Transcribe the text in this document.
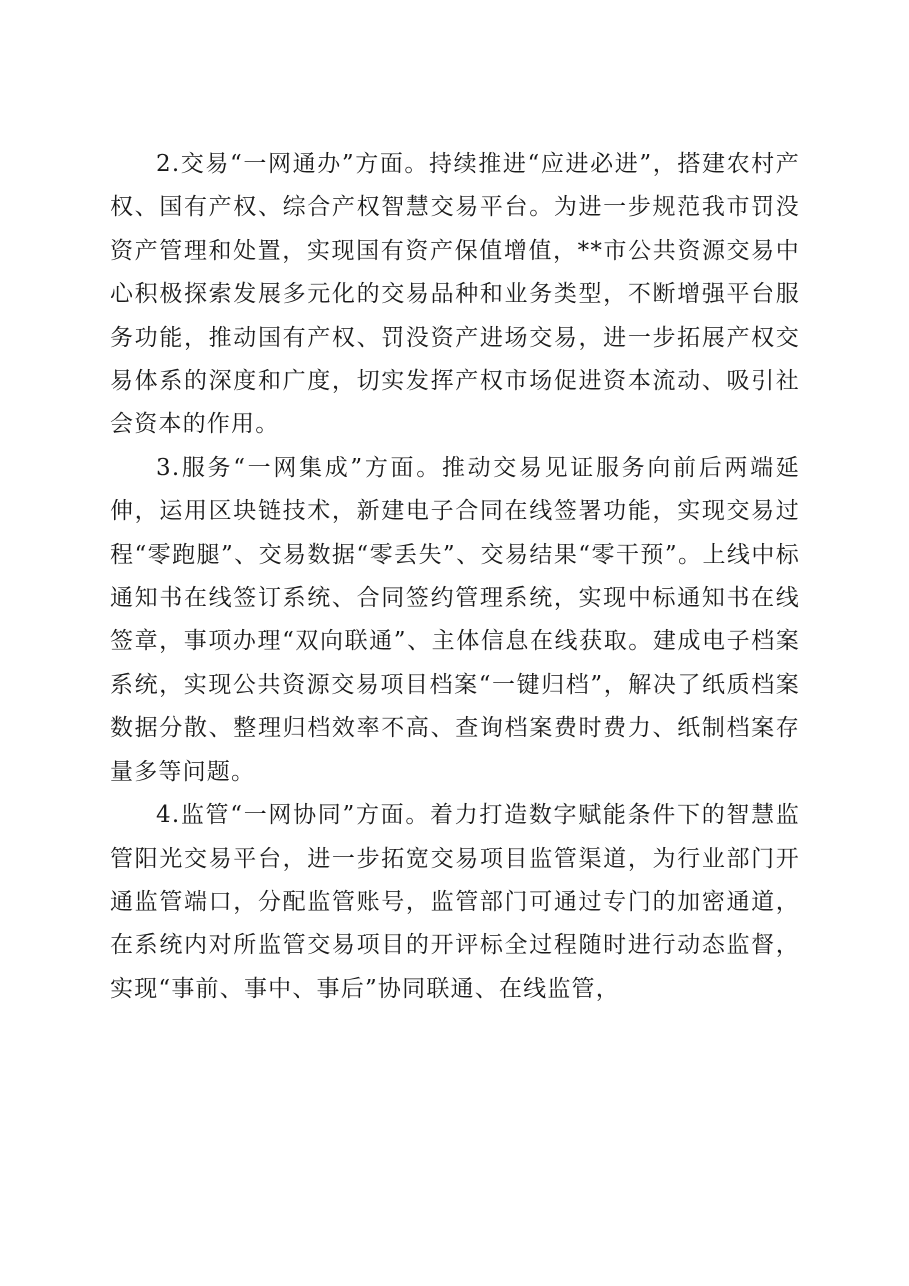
2.交易“一网通办”方面。持续推进“应进必进”，搭建农村产权、国有产权、综合产权智慧交易平台。为进一步规范我市罚没资产管理和处置，实现国有资产保值增值，**市公共资源交易中心积极探索发展多元化的交易品种和业务类型，不断增强平台服务功能，推动国有产权、罚没资产进场交易，进一步拓展产权交易体系的深度和广度，切实发挥产权市场促进资本流动、吸引社会资本的作用。

3.服务“一网集成”方面。推动交易见证服务向前后两端延伸，运用区块链技术，新建电子合同在线签署功能，实现交易过程“零跑腿”、交易数据“零丢失”、交易结果“零干预”。上线中标通知书在线签订系统、合同签约管理系统，实现中标通知书在线签章，事项办理“双向联通”、主体信息在线获取。建成电子档案系统，实现公共资源交易项目档案“一键归档”，解决了纸质档案数据分散、整理归档效率不高、查询档案费时费力、纸制档案存量多等问题。

4.监管“一网协同”方面。着力打造数字赋能条件下的智慧监管阳光交易平台，进一步拓宽交易项目监管渠道，为行业部门开通监管端口，分配监管账号，监管部门可通过专门的加密通道，在系统内对所监管交易项目的开评标全过程随时进行动态监督，实现“事前、事中、事后”协同联通、在线监管，
